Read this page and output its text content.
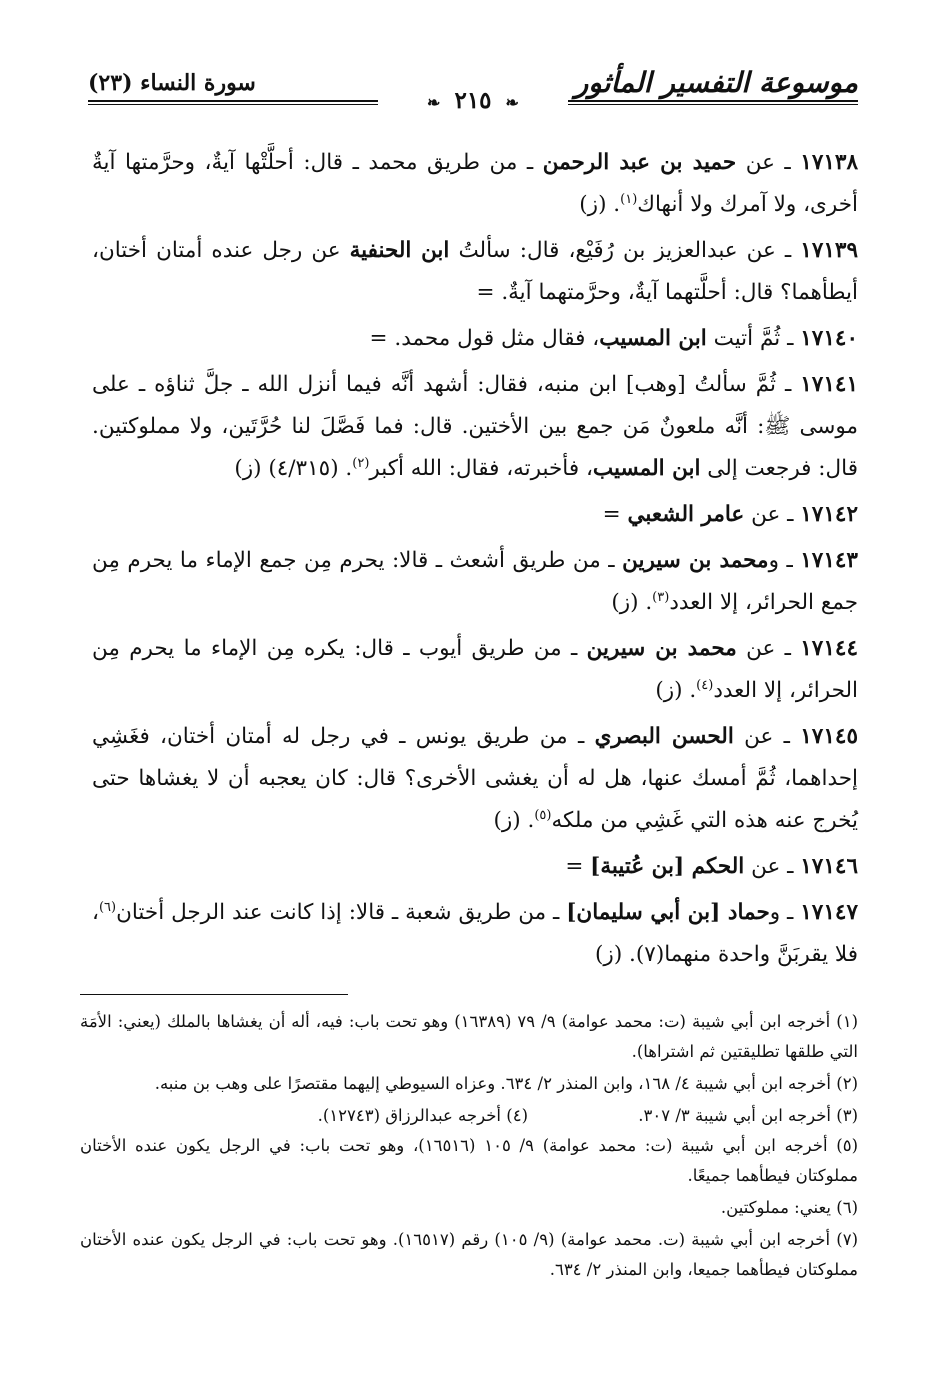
موسوعة التفسير المأثور
سورة النساء (٢٣)
❧ ٢١٥ ❧

١٧١٣٨ ـ عن حميد بن عبد الرحمن ـ من طريق محمد ـ قال: أحلَّتْها آيةٌ، وحرَّمتها آيةٌ أخرى، ولا آمرك ولا أنهاك$^{(١)}$. (ز)

١٧١٣٩ ـ عن عبدالعزيز بن رُفَيْع، قال: سألتُ ابن الحنفية عن رجل عنده أمتان أختان، أيطأهما؟ قال: أحلَّتهما آيةٌ، وحرَّمتهما آيةٌ. =

١٧١٤٠ ـ ثُمَّ أتيت ابن المسيب، فقال مثل قول محمد. =

١٧١٤١ ـ ثُمَّ سألتُ [وهب] ابن منبه، فقال: أشهد أنَّه فيما أنزل الله ـ جلَّ ثناؤه ـ على موسى ﷺ: أنَّه ملعونٌ مَن جمع بين الأختين. قال: فما فَصَّلَ لنا حُرَّتَين، ولا مملوكتين. قال: فرجعت إلى ابن المسيب، فأخبرته، فقال: الله أكبر$^{(٢)}$. (٤/٣١٥) (ز)

١٧١٤٢ ـ عن عامر الشعبي =

١٧١٤٣ ـ ومحمد بن سيرين ـ من طريق أشعث ـ قالا: يحرم مِن جمع الإماء ما يحرم مِن جمع الحرائر، إلا العدد$^{(٣)}$. (ز)

١٧١٤٤ ـ عن محمد بن سيرين ـ من طريق أيوب ـ قال: يكره مِن الإماء ما يحرم مِن الحرائر، إلا العدد$^{(٤)}$. (ز)

١٧١٤٥ ـ عن الحسن البصري ـ من طريق يونس ـ في رجل له أمتان أختان، فغَشِي إحداهما، ثُمَّ أمسك عنها، هل له أن يغشى الأخرى؟ قال: كان يعجبه أن لا يغشاها حتى يُخرج عنه هذه التي غَشِي من ملكه$^{(٥)}$. (ز)

١٧١٤٦ ـ عن الحكم [بن عُتيبة] =

١٧١٤٧ ـ وحماد [بن أبي سليمان] ـ من طريق شعبة ـ قالا: إذا كانت عند الرجل أختان$^{(٦)}$، فلا يقربَنَّ واحدة منهما(٧). (ز)

(١) أخرجه ابن أبي شيبة (ت: محمد عوامة) ٩/ ٧٩ (١٦٣٨٩) وهو تحت باب: فيه، أله أن يغشاها بالملك (يعني: الأمَة التي طلقها تطليقتين ثم اشتراها).

(٢) أخرجه ابن أبي شيبة ٤/ ١٦٨، وابن المنذر ٢/ ٦٣٤. وعزاه السيوطي إليهما مقتصرًا على وهب بن منبه.

(٣) أخرجه ابن أبي شيبة ٣/ ٣٠٧.

(٤) أخرجه عبدالرزاق (١٢٧٤٣).

(٥) أخرجه ابن أبي شيبة (ت: محمد عوامة) ٩/ ١٠٥ (١٦٥١٦)، وهو تحت باب: في الرجل يكون عنده الأختان مملوكتان فيطأهما جميعًا.

(٦) يعني: مملوكتين.

(٧) أخرجه ابن أبي شيبة (ت. محمد عوامة) (٩/ ١٠٥) رقم (١٦٥١٧). وهو تحت باب: في الرجل يكون عنده الأختان مملوكتان فيطأهما جميعا، وابن المنذر ٢/ ٦٣٤.
